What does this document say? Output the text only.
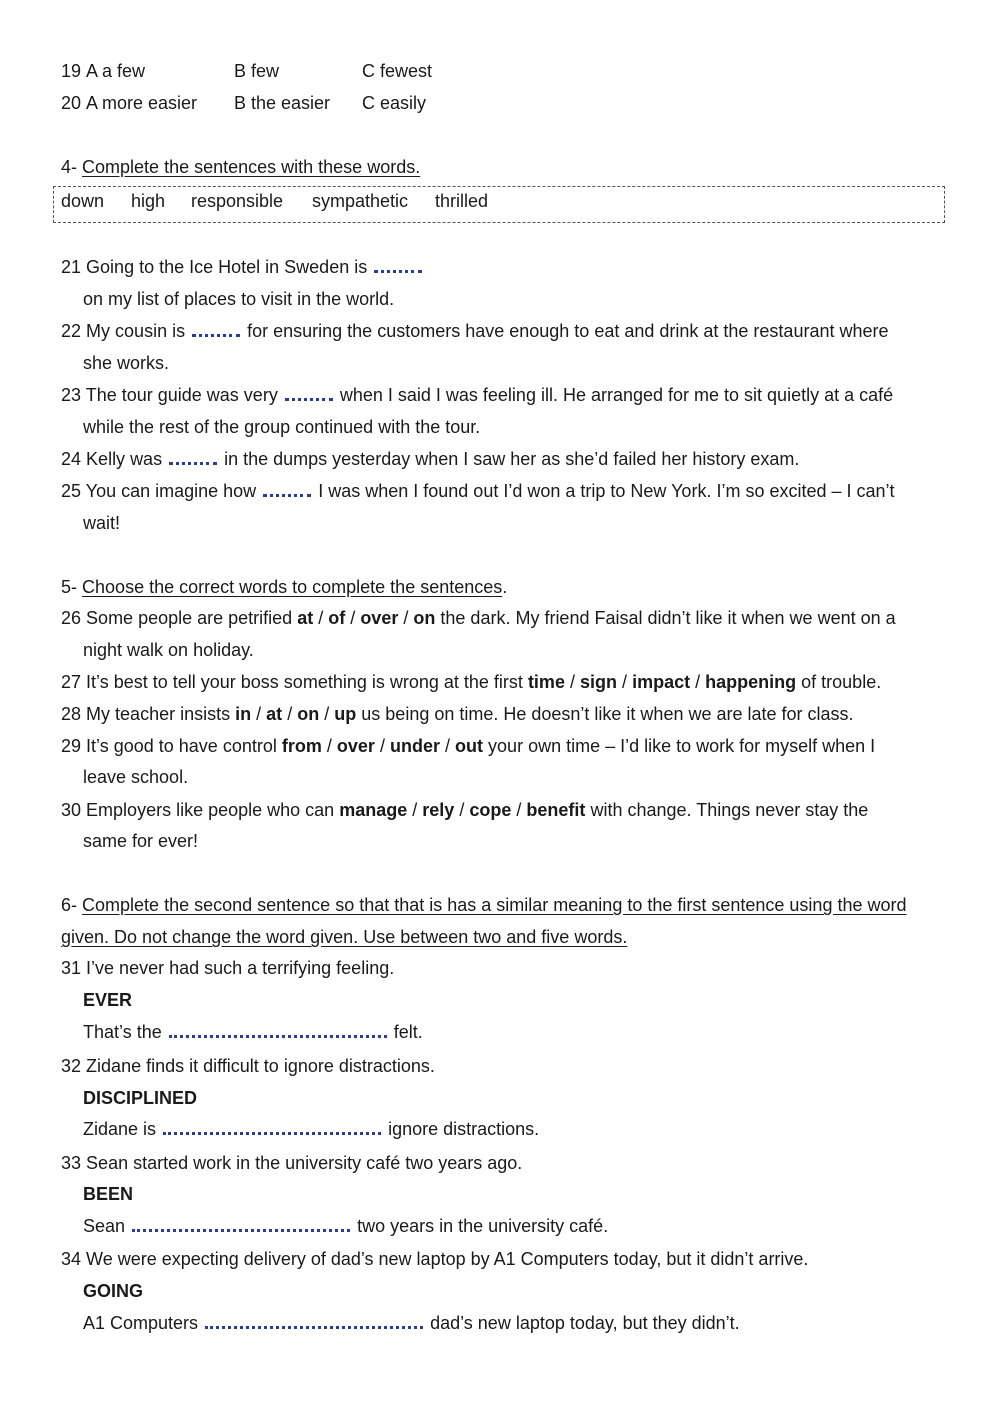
19 A a few	B few	C fewest
20 A more easier B the easier C easily
4- Complete the sentences with these words.
down high responsible sympathetic thrilled
21 Going to the Ice Hotel in Sweden is
on my list of places to visit in the world.
22 My cousin is	for ensuring the customers have enough to eat and drink at the restaurant where
she works.
23 The tour guide was very	when I said I was feeling ill. He arranged for me to sit quietly at a café
while the rest of the group continued with the tour.
24 Kelly was	in the dumps yesterday when I saw her as she’d failed her history exam.
25 You can imagine how	I was when I found out I’d won a trip to New York. I’m so excited – I can’t
wait!
5- Choose the correct words to complete the sentences.
26 Some people are petrified at / of / over / on the dark. My friend Faisal didn’t like it when we went on a
night walk on holiday.
27 It’s best to tell your boss something is wrong at the first time / sign / impact / happening of trouble.
28 My teacher insists in / at / on / up us being on time. He doesn’t like it when we are late for class.
29 It’s good to have control from / over / under / out your own time – I’d like to work for myself when I
leave school.
30 Employers like people who can manage / rely / cope / benefit with change. Things never stay the
same for ever!
6- Complete the second sentence so that that is has a similar meaning to the first sentence using the word
given. Do not change the word given. Use between two and five words.
31 I’ve never had such a terrifying feeling.
EVER
That’s the	felt.
32 Zidane finds it difficult to ignore distractions.
DISCIPLINED
Zidane is	ignore distractions.
33 Sean started work in the university café two years ago.
BEEN
Sean	two years in the university café.
34 We were expecting delivery of dad’s new laptop by A1 Computers today, but it didn’t arrive.
GOING
A1 Computers	dad’s new laptop today, but they didn’t.
